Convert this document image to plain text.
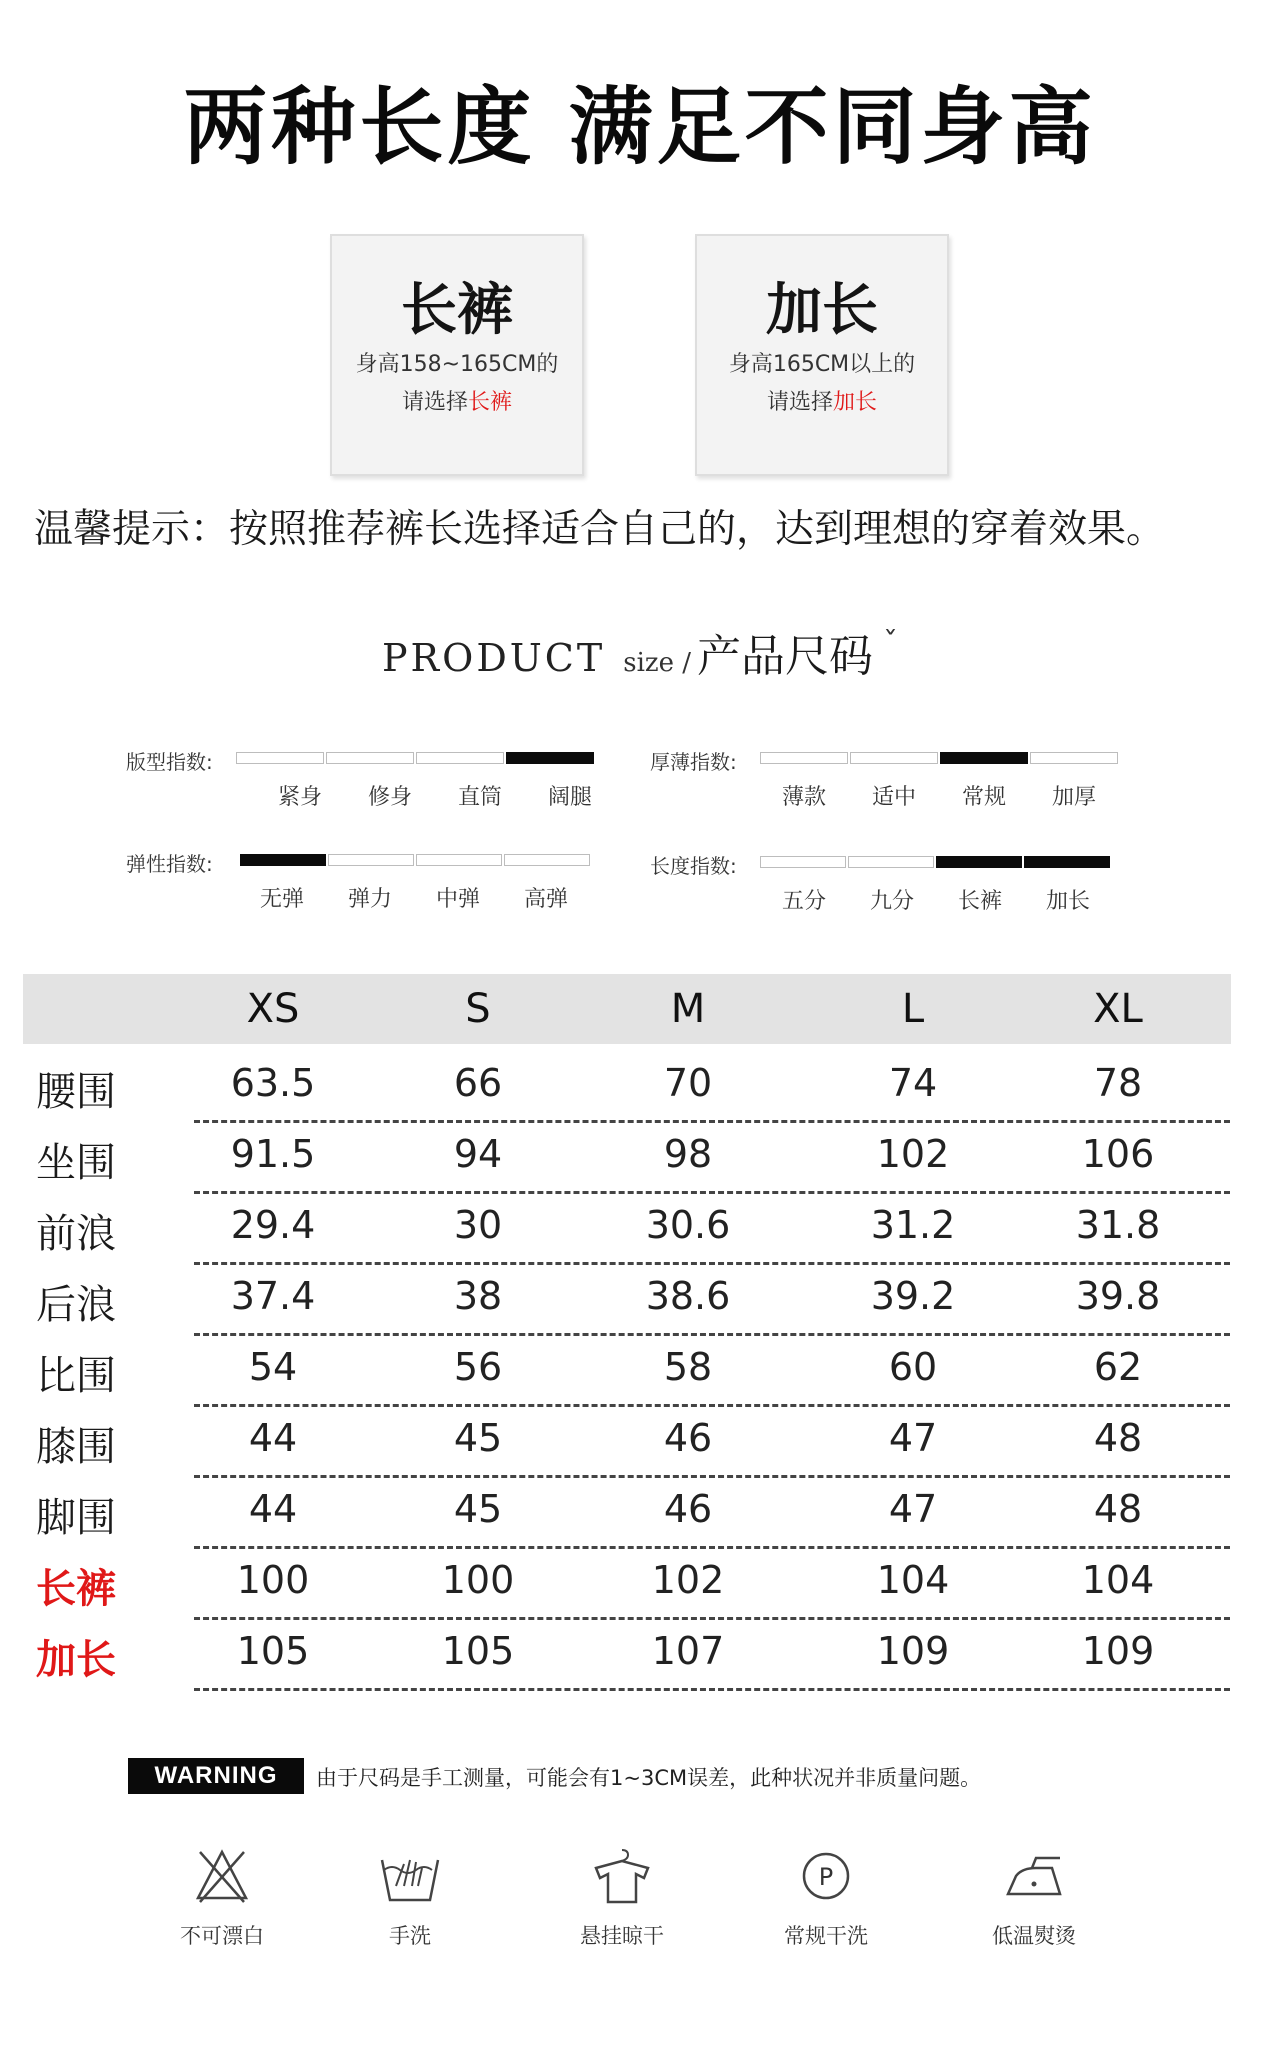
两种长度 满足不同身高
长裤
身高158~165CM的
请选择长裤
加长
身高165CM以上的
请选择加长
温馨提示：按照推荐裤长选择适合自己的，达到理想的穿着效果。
PRODUCT size / 产品尺码 ˇ
版型指数:
紧身	修身	直筒	阔腿
厚薄指数:
薄款	适中	常规	加厚
弹性指数:
无弹	弹力	中弹	高弹
长度指数:
五分	九分	长裤	加长
XS	S	M	L	XL
腰围	63.5	66	70	74	78
坐围	91.5	94	98	102	106
前浪	29.4	30	30.6	31.2	31.8
后浪	37.4	38	38.6	39.2	39.8
比围	54	56	58	60	62
膝围	44	45	46	47	48
脚围	44	45	46	47	48
长裤	100	100	102	104	104
加长	105	105	107	109	109
WARNING	由于尺码是手工测量，可能会有1~3CM误差，此种状况并非质量问题。
不可漂白	手洗	悬挂晾干
P
常规干洗	低温熨烫
